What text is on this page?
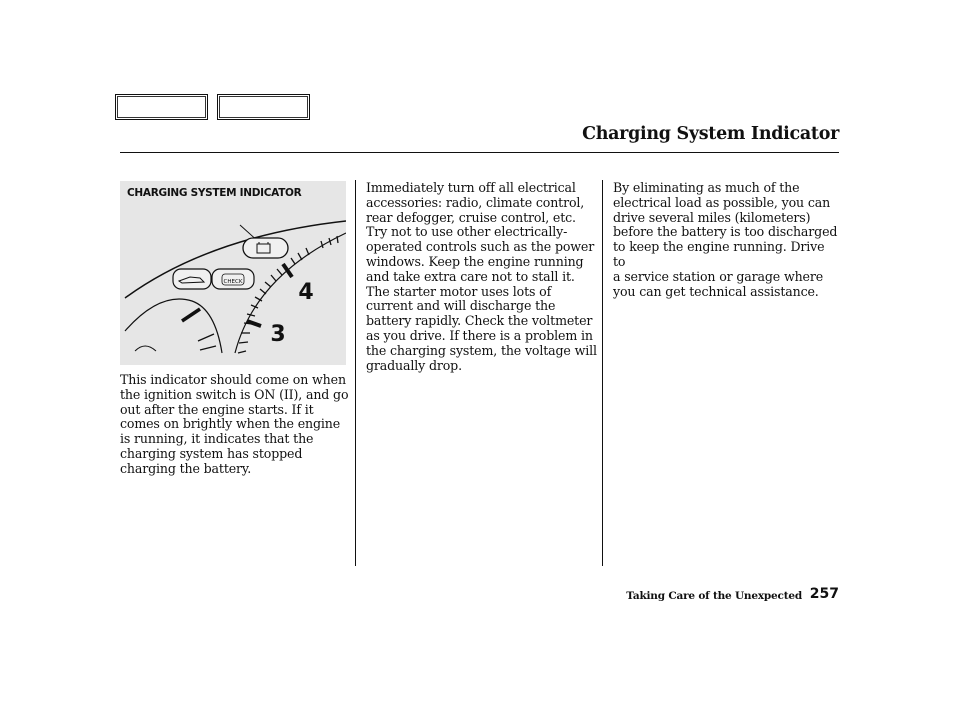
Charging System Indicator
CHECK	4
3
CHARGING SYSTEM INDICATOR
This indicator should come on when
the ignition switch is ON (II), and go
out after the engine starts. If it
comes on brightly when the engine
is running, it indicates that the
charging system has stopped
charging the battery.
Immediately turn off all electrical
accessories: radio, climate control,
rear defogger, cruise control, etc.
Try not to use other electrically-
operated controls such as the power
windows. Keep the engine running
and take extra care not to stall it.
The starter motor uses lots of
current and will discharge the
battery rapidly. Check the voltmeter
as you drive. If there is a problem in
the charging system, the voltage will
gradually drop.
By eliminating as much of the
electrical load as possible, you can
drive several miles (kilometers)
before the battery is too discharged
to keep the engine running. Drive to
a service station or garage where
you can get technical assistance.
Taking Care of the Unexpected 257
